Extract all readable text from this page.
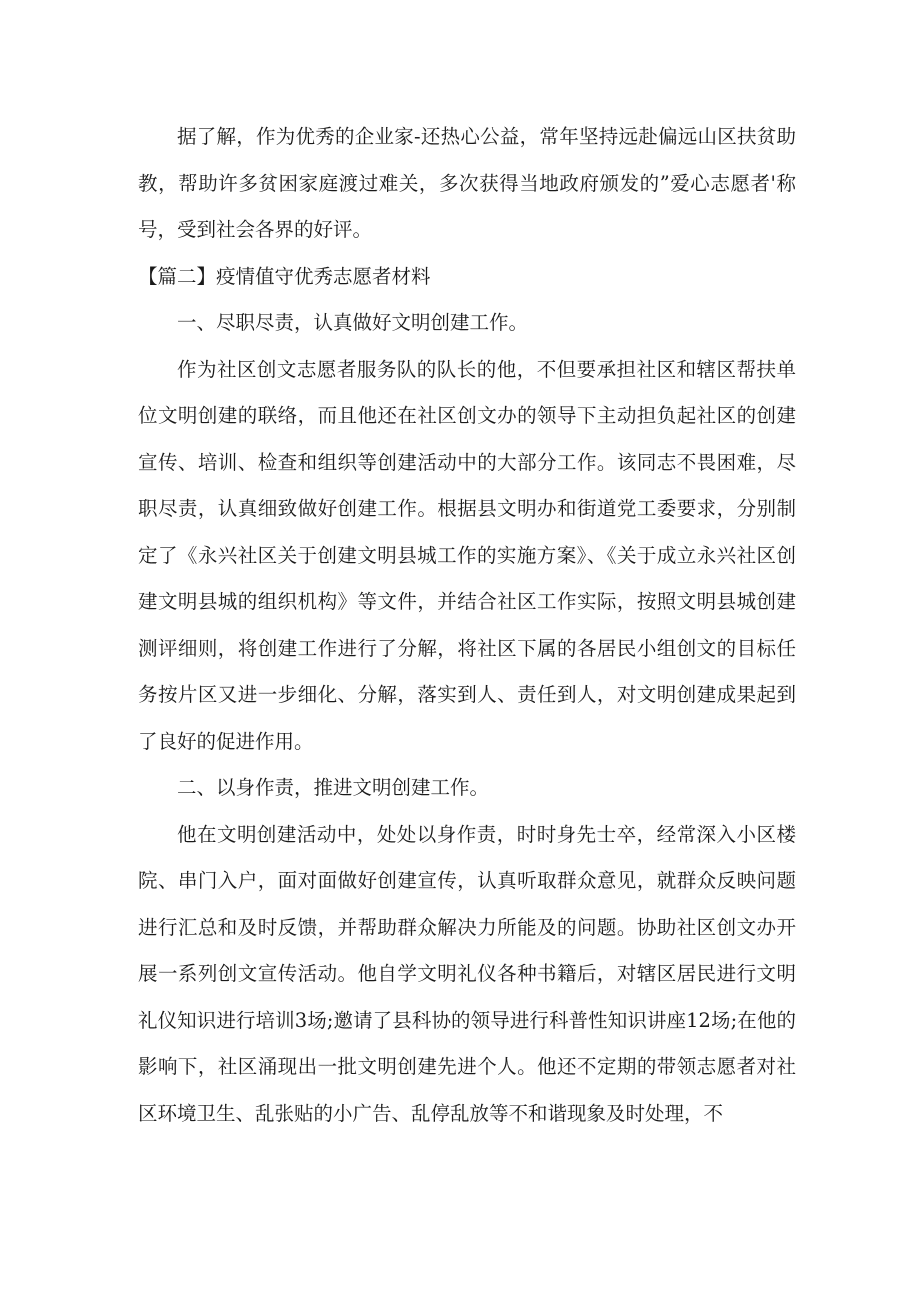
据了解，作为优秀的企业家-还热心公益，常年坚持远赴偏远山区扶贫助教，帮助许多贫困家庭渡过难关，多次获得当地政府颁发的”爱心志愿者'称号，受到社会各界的好评。

【篇二】疫情值守优秀志愿者材料

一、尽职尽责，认真做好文明创建工作。

作为社区创文志愿者服务队的队长的他，不但要承担社区和辖区帮扶单位文明创建的联络，而且他还在社区创文办的领导下主动担负起社区的创建宣传、培训、检查和组织等创建活动中的大部分工作。该同志不畏困难，尽职尽责，认真细致做好创建工作。根据县文明办和街道党工委要求，分别制定了《永兴社区关于创建文明县城工作的实施方案》、《关于成立永兴社区创建文明县城的组织机构》等文件，并结合社区工作实际，按照文明县城创建测评细则，将创建工作进行了分解，将社区下属的各居民小组创文的目标任务按片区又进一步细化、分解，落实到人、责任到人，对文明创建成果起到了良好的促进作用。

二、以身作责，推进文明创建工作。

他在文明创建活动中，处处以身作责，时时身先士卒，经常深入小区楼院、串门入户，面对面做好创建宣传，认真听取群众意见，就群众反映问题进行汇总和及时反馈，并帮助群众解决力所能及的问题。协助社区创文办开展一系列创文宣传活动。他自学文明礼仪各种书籍后，对辖区居民进行文明礼仪知识进行培训3场;邀请了县科协的领导进行科普性知识讲座12场;在他的影响下，社区涌现出一批文明创建先进个人。他还不定期的带领志愿者对社区环境卫生、乱张贴的小广告、乱停乱放等不和谐现象及时处理，不
